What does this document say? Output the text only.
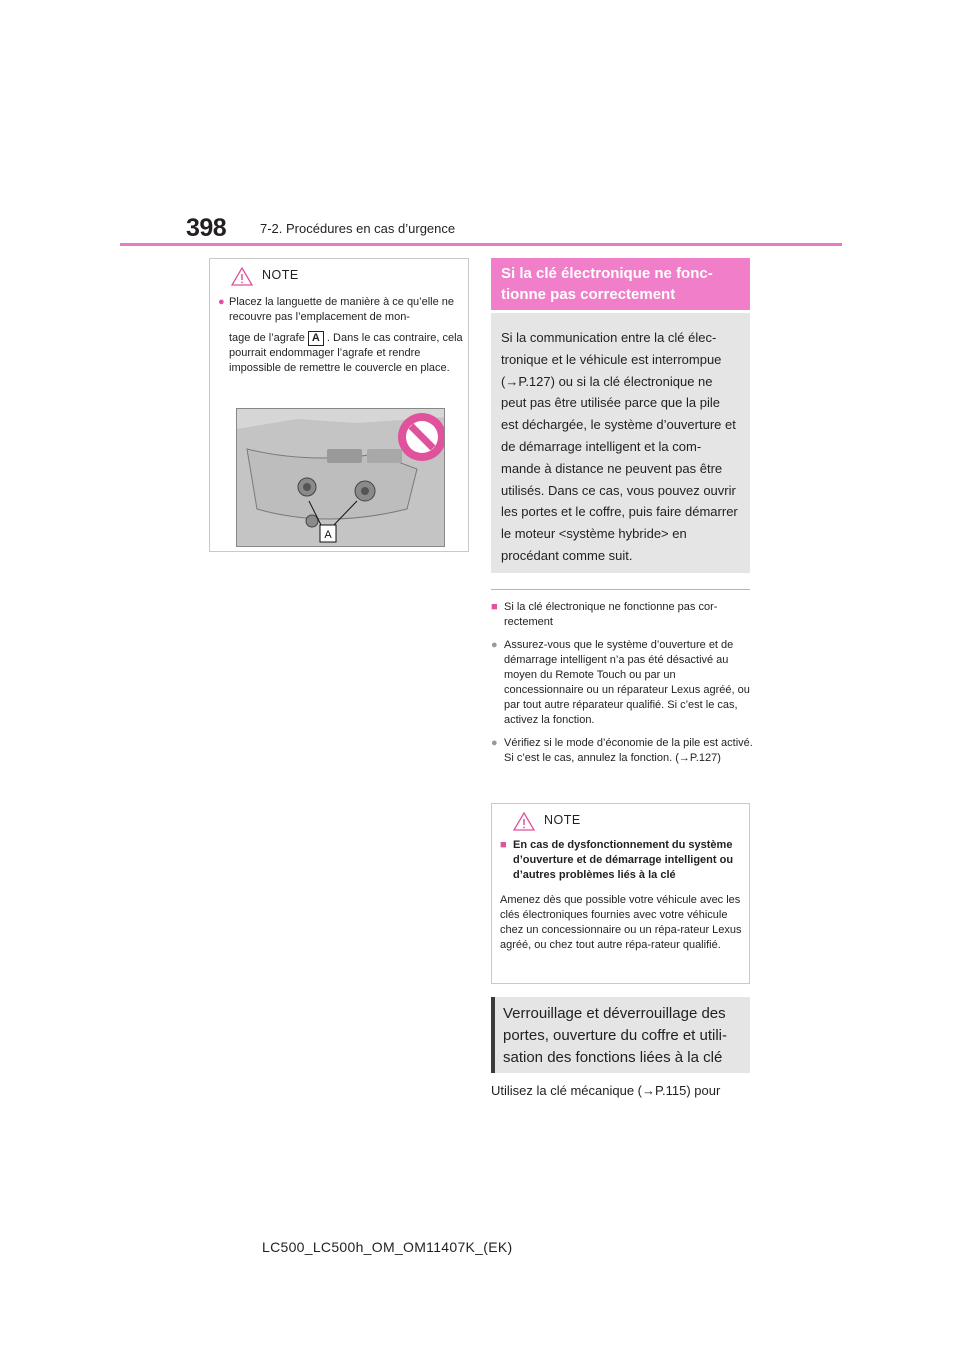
398	7-2. Procédures en cas d’urgence
NOTE
● Placez la languette de manière à ce qu’elle ne recouvre pas l’emplacement de mon-
tage de l’agrafe A . Dans le cas contraire, cela pourrait endommager l’agrafe et rendre impossible de remettre le couvercle en place.
A
Si la clé électronique ne fonc-tionne pas correctement
Si la communication entre la clé élec-tronique et le véhicule est interrompue (→P.127) ou si la clé électronique ne peut pas être utilisée parce que la pile est déchargée, le système d’ouverture et de démarrage intelligent et la com-mande à distance ne peuvent pas être utilisés. Dans ce cas, vous pouvez ouvrir les portes et le coffre, puis faire démarrer le moteur <système hybride> en procédant comme suit.
■ Si la clé électronique ne fonctionne pas cor-rectement
● Assurez-vous que le système d’ouverture et de démarrage intelligent n’a pas été désactivé au moyen du Remote Touch ou par un concessionnaire ou un réparateur Lexus agréé, ou par tout autre réparateur qualifié. Si c’est le cas, activez la fonction.
● Vérifiez si le mode d’économie de la pile est activé. Si c’est le cas, annulez la fonction. (→P.127)
NOTE
■ En cas de dysfonctionnement du système d’ouverture et de démarrage intelligent ou d’autres problèmes liés à la clé
Amenez dès que possible votre véhicule avec les clés électroniques fournies avec votre véhicule chez un concessionnaire ou un répa-rateur Lexus agréé, ou chez tout autre répa-rateur qualifié.
Verrouillage et déverrouillage des portes, ouverture du coffre et utili-sation des fonctions liées à la clé
Utilisez la clé mécanique (→P.115) pour
LC500_LC500h_OM_OM11407K_(EK)
